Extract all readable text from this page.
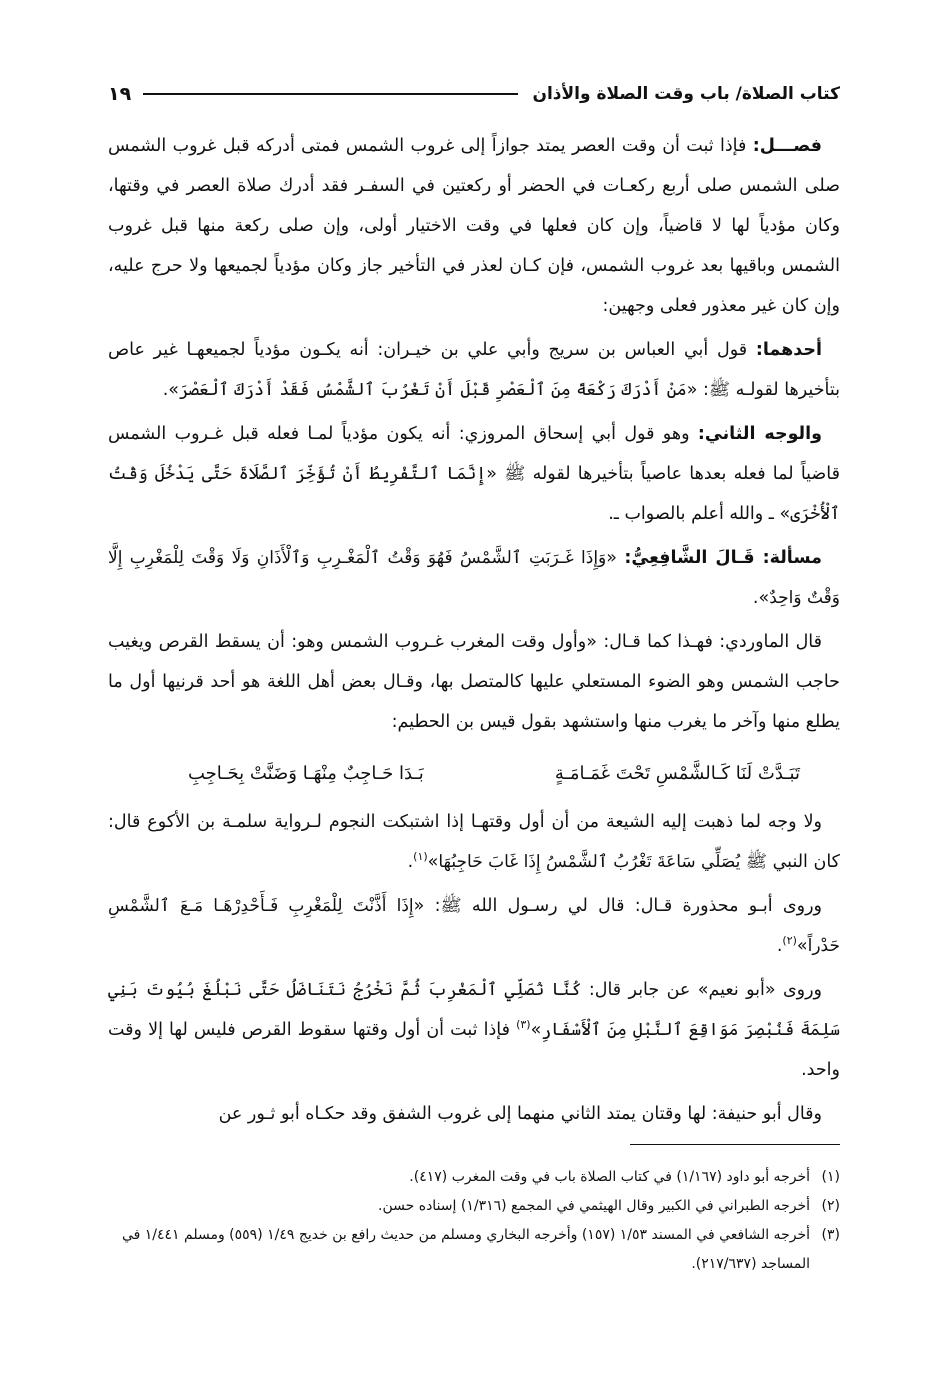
كتاب الصلاة/ باب وقت الصلاة والأذان
١٩

فصـــل: فإذا ثبت أن وقت العصر يمتد جوازاً إلى غروب الشمس فمتى أدركه قبل غروب الشمس صلى الشمس صلى أربع ركعـات في الحضر أو ركعتين في السفـر فقد أدرك صلاة العصر في وقتها، وكان مؤدياً لها لا قاضياً، وإن كان فعلها في وقت الاختيار أولى، وإن صلى ركعة منها قبل غروب الشمس وباقيها بعد غروب الشمس، فإن كـان لعذر في التأخير جاز وكان مؤدياً لجميعها ولا حرج عليه، وإن كان غير معذور فعلى وجهين:

أحدهما: قول أبي العباس بن سريج وأبي علي بن خيـران: أنه يكـون مؤدياً لجميعهـا غير عاص بتأخيرها لقولـه ﷺ: «مَنْ أَدْرَكَ رَكْعَةً مِنَ ٱلْعَصْرِ قَبْلَ أَنْ تَغْرُبَ ٱلشَّمْسُ فَقَدْ أَدْرَكَ ٱلْعَصْرَ».

والوجه الثاني: وهو قول أبي إسحاق المروزي: أنه يكون مؤدياً لمـا فعله قبل غـروب الشمس قاضياً لما فعله بعدها عاصياً بتأخيرها لقوله ﷺ «إِنَّمَا ٱلتَّفْرِيطُ أَنْ تُؤَخِّرَ ٱلصَّلَاةَ حَتَّى يَدْخُلَ وَقْتُ ٱلْأُخْرَى» ـ والله أعلم بالصواب ـ.

مسألة: قَـالَ الشَّافِعِيُّ: «وَإِذَا غَـرَبَتِ ٱلشَّمْسُ فَهُوَ وَقْتُ ٱلْمَغْـرِبِ وَٱلْأَذَانِ وَلَا وَقْتَ لِلْمَغْرِبِ إِلَّا وَقْتٌ وَاحِدٌ».

قال الماوردي: فهـذا كما قـال: «وأول وقت المغرب غـروب الشمس وهو: أن يسقط القرص ويغيب حاجب الشمس وهو الضوء المستعلي عليها كالمتصل بها، وقـال بعض أهل اللغة هو أحد قرنيها أول ما يطلع منها وآخر ما يغرب منها واستشهد بقول قيس بن الحطيم:

تَبَـدَّتْ لَنَا كَـالشَّمْسِ تَحْتَ غَمَـامَـةٍ
بَـدَا حَـاجِبٌ مِنْهَـا وَضَنَّتْ بِحَـاجِبِ

ولا وجه لما ذهبت إليه الشيعة من أن أول وقتهـا إذا اشتبكت النجوم لـرواية سلمـة بن الأكوع قال: كان النبي ﷺ يُصَلِّي سَاعَةَ تَغْرُبُ ٱلشَّمْسُ إِذَا غَابَ حَاجِبُهَا»$^{(١)}$.

وروى أبـو محذورة قـال: قال لي رسـول الله ﷺ: «إِذَا أَذَّنْتَ لِلْمَغْرِبِ فَـأَحْدِرْهَـا مَـعَ ٱلشَّمْسِ حَدْراً»$^{(٢)}$.

وروى «أبو نعيم» عن جابر قال: كُنَّا نُصَلِّي ٱلْمَغْرِبَ ثُمَّ نَخْرُجُ نَتَنَاضَلُ حَتَّى نَبْلُغَ بُيُوتَ بَنِي سَلِمَةَ فَنُبْصِرَ مَوَاقِعَ ٱلنَّبْلِ مِنَ ٱلْأَسْفَارِ»$^{(٣)}$ فإذا ثبت أن أول وقتها سقوط القرص فليس لها إلا وقت واحد.

وقال أبو حنيفة: لها وقتان يمتد الثاني منهما إلى غروب الشفق وقد حكـاه أبو ثـور عن

(١)
أخرجه أبو داود (١/١٦٧) في كتاب الصلاة باب في وقت المغرب (٤١٧).
(٢)
أخرجه الطبراني في الكبير وقال الهيثمي في المجمع (١/٣١٦) إسناده حسن.
(٣)
أخرجه الشافعي في المسند ١/٥٣ (١٥٧) وأخرجه البخاري ومسلم من حديث رافع بن خديج ١/٤٩ (٥٥٩) ومسلم ١/٤٤١ في المساجد (٢١٧/٦٣٧).
